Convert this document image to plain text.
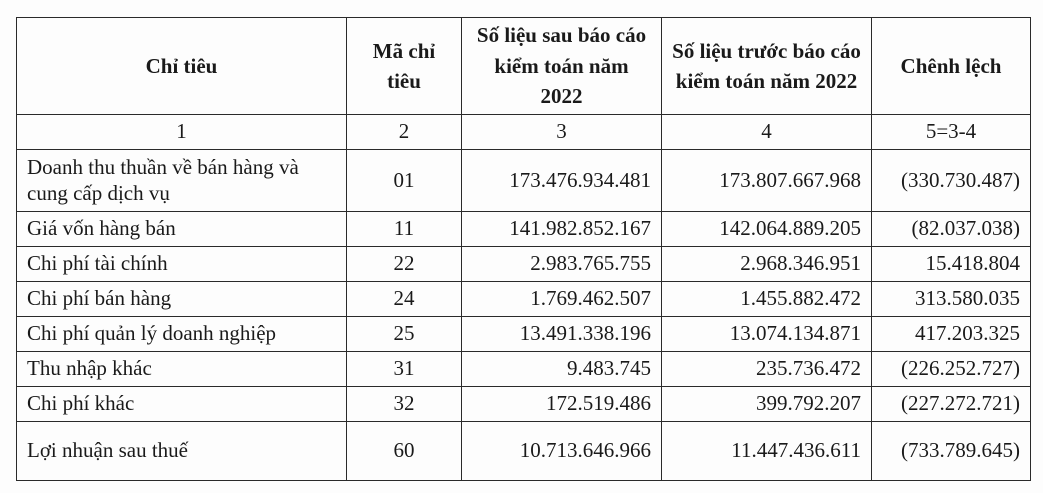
Chỉ tiêu	Mã chỉ tiêu	Số liệu sau báo cáo kiểm toán năm 2022	Số liệu trước báo cáo kiểm toán năm 2022	Chênh lệch
1	2	3	4	5=3-4
Doanh thu thuần về bán hàng và cung cấp dịch vụ	01	173.476.934.481	173.807.667.968	(330.730.487)
Giá vốn hàng bán	11	141.982.852.167	142.064.889.205	(82.037.038)
Chi phí tài chính	22	2.983.765.755	2.968.346.951	15.418.804
Chi phí bán hàng	24	1.769.462.507	1.455.882.472	313.580.035
Chi phí quản lý doanh nghiệp	25	13.491.338.196	13.074.134.871	417.203.325
Thu nhập khác	31	9.483.745	235.736.472	(226.252.727)
Chi phí khác	32	172.519.486	399.792.207	(227.272.721)
Lợi nhuận sau thuế	60	10.713.646.966	11.447.436.611	(733.789.645)
